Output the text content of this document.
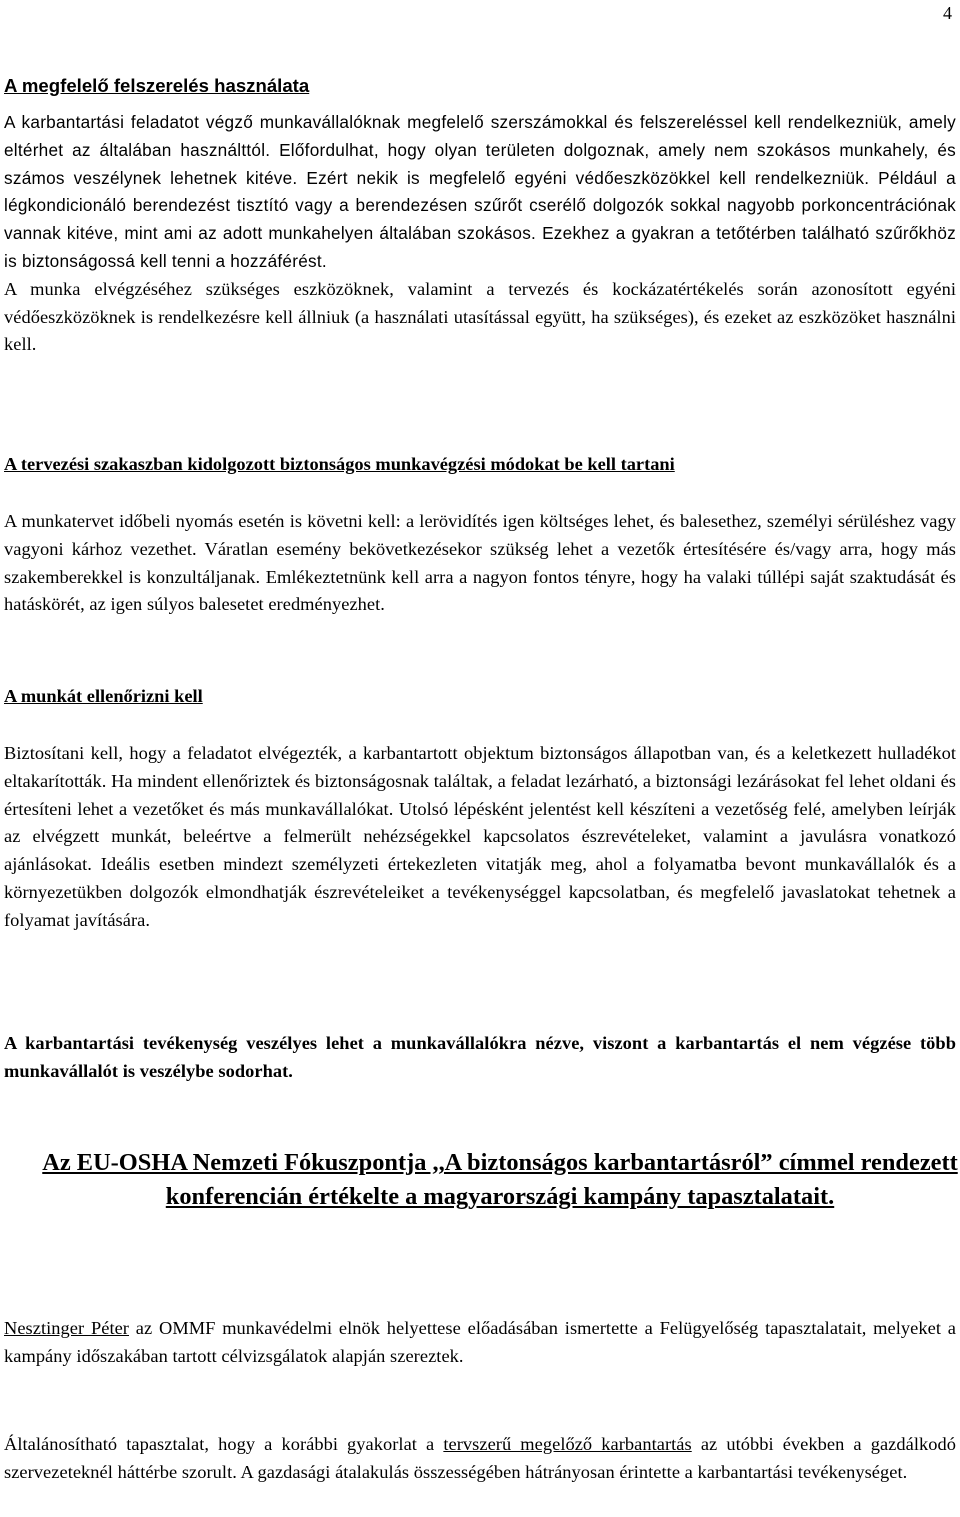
4
A megfelelő felszerelés használata

A karbantartási feladatot végző munkavállalóknak megfelelő szerszámokkal és felszereléssel kell rendelkezniük, amely eltérhet az általában használttól. Előfordulhat, hogy olyan területen dolgoznak, amely nem szokásos munkahely, és számos veszélynek lehetnek kitéve. Ezért nekik is megfelelő egyéni védőeszközökkel kell rendelkezniük. Például a légkondicionáló berendezést tisztító vagy a berendezésen szűrőt cserélő dolgozók sokkal nagyobb porkoncentrációnak vannak kitéve, mint ami az adott munkahelyen általában szokásos. Ezekhez a gyakran a tetőtérben található szűrőkhöz is biztonságossá kell tenni a hozzáférést.

A munka elvégzéséhez szükséges eszközöknek, valamint a tervezés és kockázatértékelés során azonosított egyéni védőeszközöknek is rendelkezésre kell állniuk (a használati utasítással együtt, ha szükséges), és ezeket az eszközöket használni kell.

A tervezési szakaszban kidolgozott biztonságos munkavégzési módokat be kell tartani

A munkatervet időbeli nyomás esetén is követni kell: a lerövidítés igen költséges lehet, és balesethez, személyi sérüléshez vagy vagyoni kárhoz vezethet. Váratlan esemény bekövetkezésekor szükség lehet a vezetők értesítésére és/vagy arra, hogy más szakemberekkel is konzultáljanak. Emlékeztetnünk kell arra a nagyon fontos tényre, hogy ha valaki túllépi saját szaktudását és hatáskörét, az igen súlyos balesetet eredményezhet.

A munkát ellenőrizni kell

Biztosítani kell, hogy a feladatot elvégezték, a karbantartott objektum biztonságos állapotban van, és a keletkezett hulladékot eltakarították. Ha mindent ellenőriztek és biztonságosnak találtak, a feladat lezárható, a biztonsági lezárásokat fel lehet oldani és értesíteni lehet a vezetőket és más munkavállalókat. Utolsó lépésként jelentést kell készíteni a vezetőség felé, amelyben leírják az elvégzett munkát, beleértve a felmerült nehézségekkel kapcsolatos észrevételeket, valamint a javulásra vonatkozó ajánlásokat. Ideális esetben mindezt személyzeti értekezleten vitatják meg, ahol a folyamatba bevont munkavállalók és a környezetükben dolgozók elmondhatják észrevételeiket a tevékenységgel kapcsolatban, és megfelelő javaslatokat tehetnek a folyamat javítására.

A karbantartási tevékenység veszélyes lehet a munkavállalókra nézve, viszont a karbantartás el nem végzése több munkavállalót is veszélybe sodorhat.

Az EU-OSHA Nemzeti Fókuszpontja ,,A biztonságos karbantartásról” címmel rendezett konferencián értékelte a magyarországi kampány tapasztalatait.

Nesztinger Péter az OMMF munkavédelmi elnök helyettese előadásában ismertette a Felügyelőség tapasztalatait, melyeket a kampány időszakában tartott célvizsgálatok alapján szereztek.

Általánosítható tapasztalat, hogy a korábbi gyakorlat a tervszerű megelőző karbantartás az utóbbi években a gazdálkodó szervezeteknél háttérbe szorult. A gazdasági átalakulás összességében hátrányosan érintette a karbantartási tevékenységet.
